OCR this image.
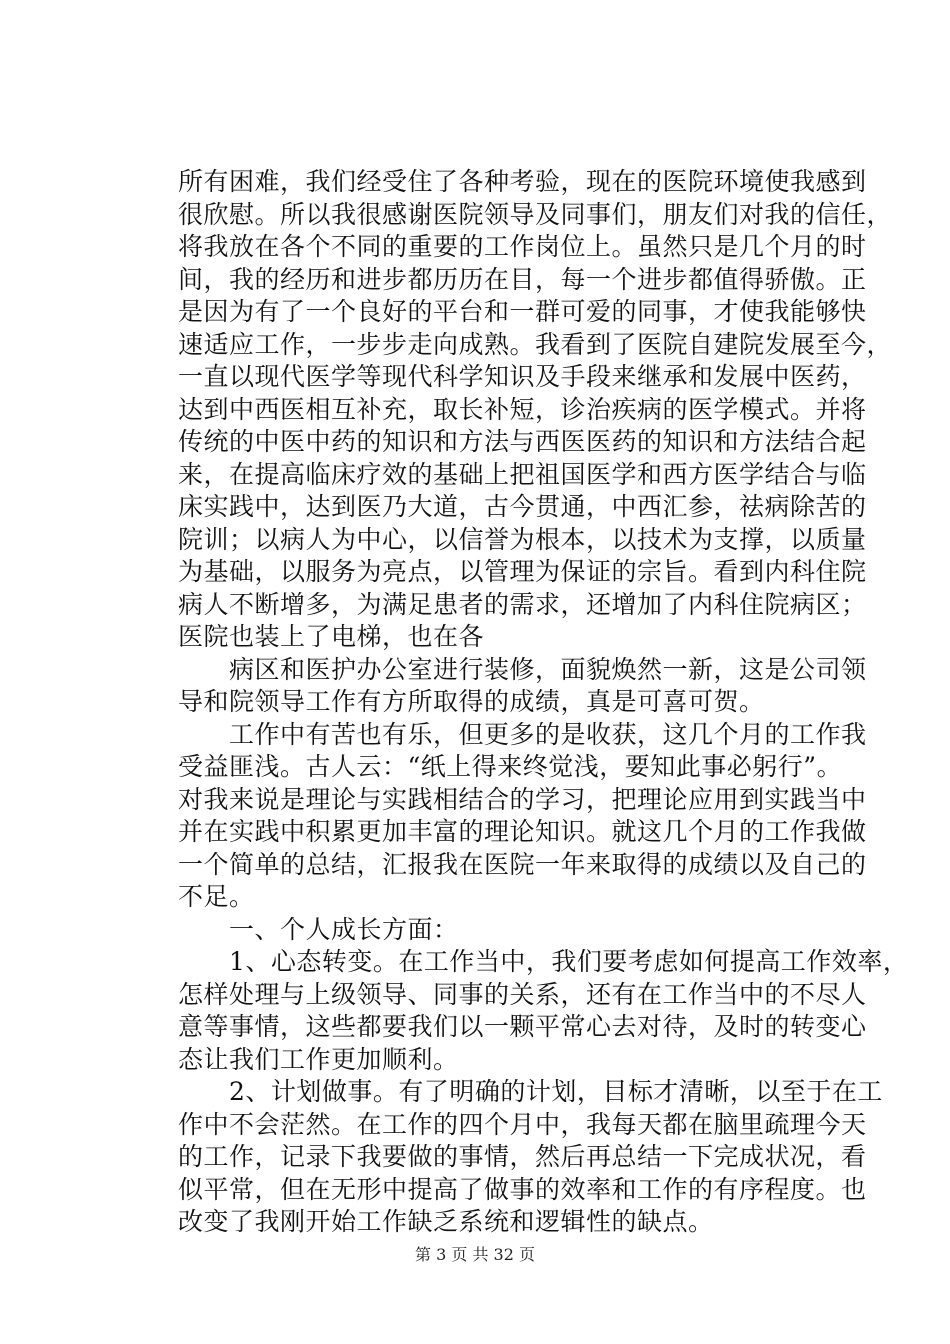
所有困难，我们经受住了各种考验，现在的医院环境使我感到
很欣慰。所以我很感谢医院领导及同事们，朋友们对我的信任，
将我放在各个不同的重要的工作岗位上。虽然只是几个月的时
间，我的经历和进步都历历在目，每一个进步都值得骄傲。正
是因为有了一个良好的平台和一群可爱的同事，才使我能够快
速适应工作，一步步走向成熟。我看到了医院自建院发展至今，
一直以现代医学等现代科学知识及手段来继承和发展中医药，
达到中西医相互补充，取长补短，诊治疾病的医学模式。并将
传统的中医中药的知识和方法与西医医药的知识和方法结合起
来，在提高临床疗效的基础上把祖国医学和西方医学结合与临
床实践中，达到医乃大道，古今贯通，中西汇参，祛病除苦的
院训；以病人为中心，以信誉为根本，以技术为支撑，以质量
为基础，以服务为亮点，以管理为保证的宗旨。看到内科住院
病人不断增多，为满足患者的需求，还增加了内科住院病区；
医院也装上了电梯，也在各
　　病区和医护办公室进行装修，面貌焕然一新，这是公司领
导和院领导工作有方所取得的成绩，真是可喜可贺。
　　工作中有苦也有乐，但更多的是收获，这几个月的工作我
受益匪浅。古人云：“纸上得来终觉浅，要知此事必躬行”。
对我来说是理论与实践相结合的学习，把理论应用到实践当中
并在实践中积累更加丰富的理论知识。就这几个月的工作我做
一个简单的总结，汇报我在医院一年来取得的成绩以及自己的
不足。
　　一、个人成长方面：
　　1、心态转变。在工作当中，我们要考虑如何提高工作效率，
怎样处理与上级领导、同事的关系，还有在工作当中的不尽人
意等事情，这些都要我们以一颗平常心去对待，及时的转变心
态让我们工作更加顺利。
　　2、计划做事。有了明确的计划，目标才清晰，以至于在工
作中不会茫然。在工作的四个月中，我每天都在脑里疏理今天
的工作，记录下我要做的事情，然后再总结一下完成状况，看
似平常，但在无形中提高了做事的效率和工作的有序程度。也
改变了我刚开始工作缺乏系统和逻辑性的缺点。
第 3 页 共 32 页
